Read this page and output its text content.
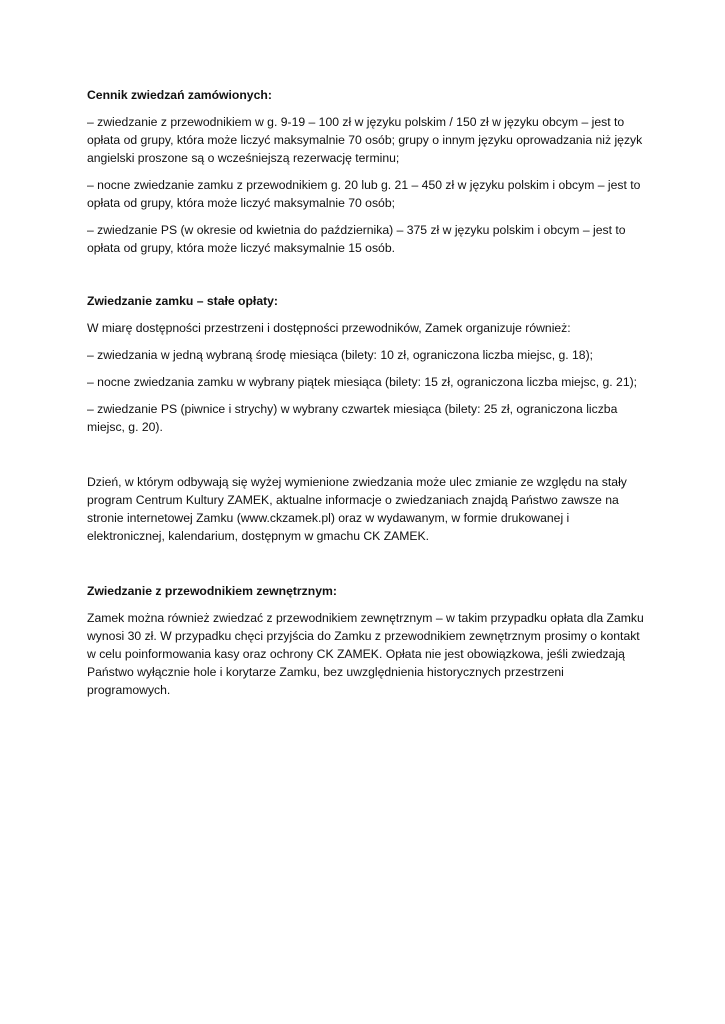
Cennik zwiedzań zamówionych:

– zwiedzanie z przewodnikiem w g. 9-19 – 100 zł w języku polskim / 150 zł w języku obcym – jest to opłata od grupy, która może liczyć maksymalnie 70 osób; grupy o innym języku oprowadzania niż język angielski proszone są o wcześniejszą rezerwację terminu;

– nocne zwiedzanie zamku z przewodnikiem g. 20 lub g. 21 – 450 zł w języku polskim i obcym – jest to opłata od grupy, która może liczyć maksymalnie 70 osób;

– zwiedzanie PS (w okresie od kwietnia do października) – 375 zł w języku polskim i obcym – jest to opłata od grupy, która może liczyć maksymalnie 15 osób.

Zwiedzanie zamku – stałe opłaty:

W miarę dostępności przestrzeni i dostępności przewodników, Zamek organizuje również:

– zwiedzania w jedną wybraną środę miesiąca (bilety: 10 zł, ograniczona liczba miejsc, g. 18);

– nocne zwiedzania zamku w wybrany piątek miesiąca (bilety: 15 zł, ograniczona liczba miejsc, g. 21);

– zwiedzanie PS (piwnice i strychy) w wybrany czwartek miesiąca (bilety: 25 zł, ograniczona liczba miejsc, g. 20).

Dzień, w którym odbywają się wyżej wymienione zwiedzania może ulec zmianie ze względu na stały program Centrum Kultury ZAMEK, aktualne informacje o zwiedzaniach znajdą Państwo zawsze na stronie internetowej Zamku (www.ckzamek.pl) oraz w wydawanym, w formie drukowanej i elektronicznej, kalendarium, dostępnym w gmachu CK ZAMEK.

Zwiedzanie z przewodnikiem zewnętrznym:

Zamek można również zwiedzać z przewodnikiem zewnętrznym – w takim przypadku opłata dla Zamku wynosi 30 zł. W przypadku chęci przyjścia do Zamku z przewodnikiem zewnętrznym prosimy o kontakt w celu poinformowania kasy oraz ochrony CK ZAMEK. Opłata nie jest obowiązkowa, jeśli zwiedzają Państwo wyłącznie hole i korytarze Zamku, bez uwzględnienia historycznych przestrzeni programowych.
